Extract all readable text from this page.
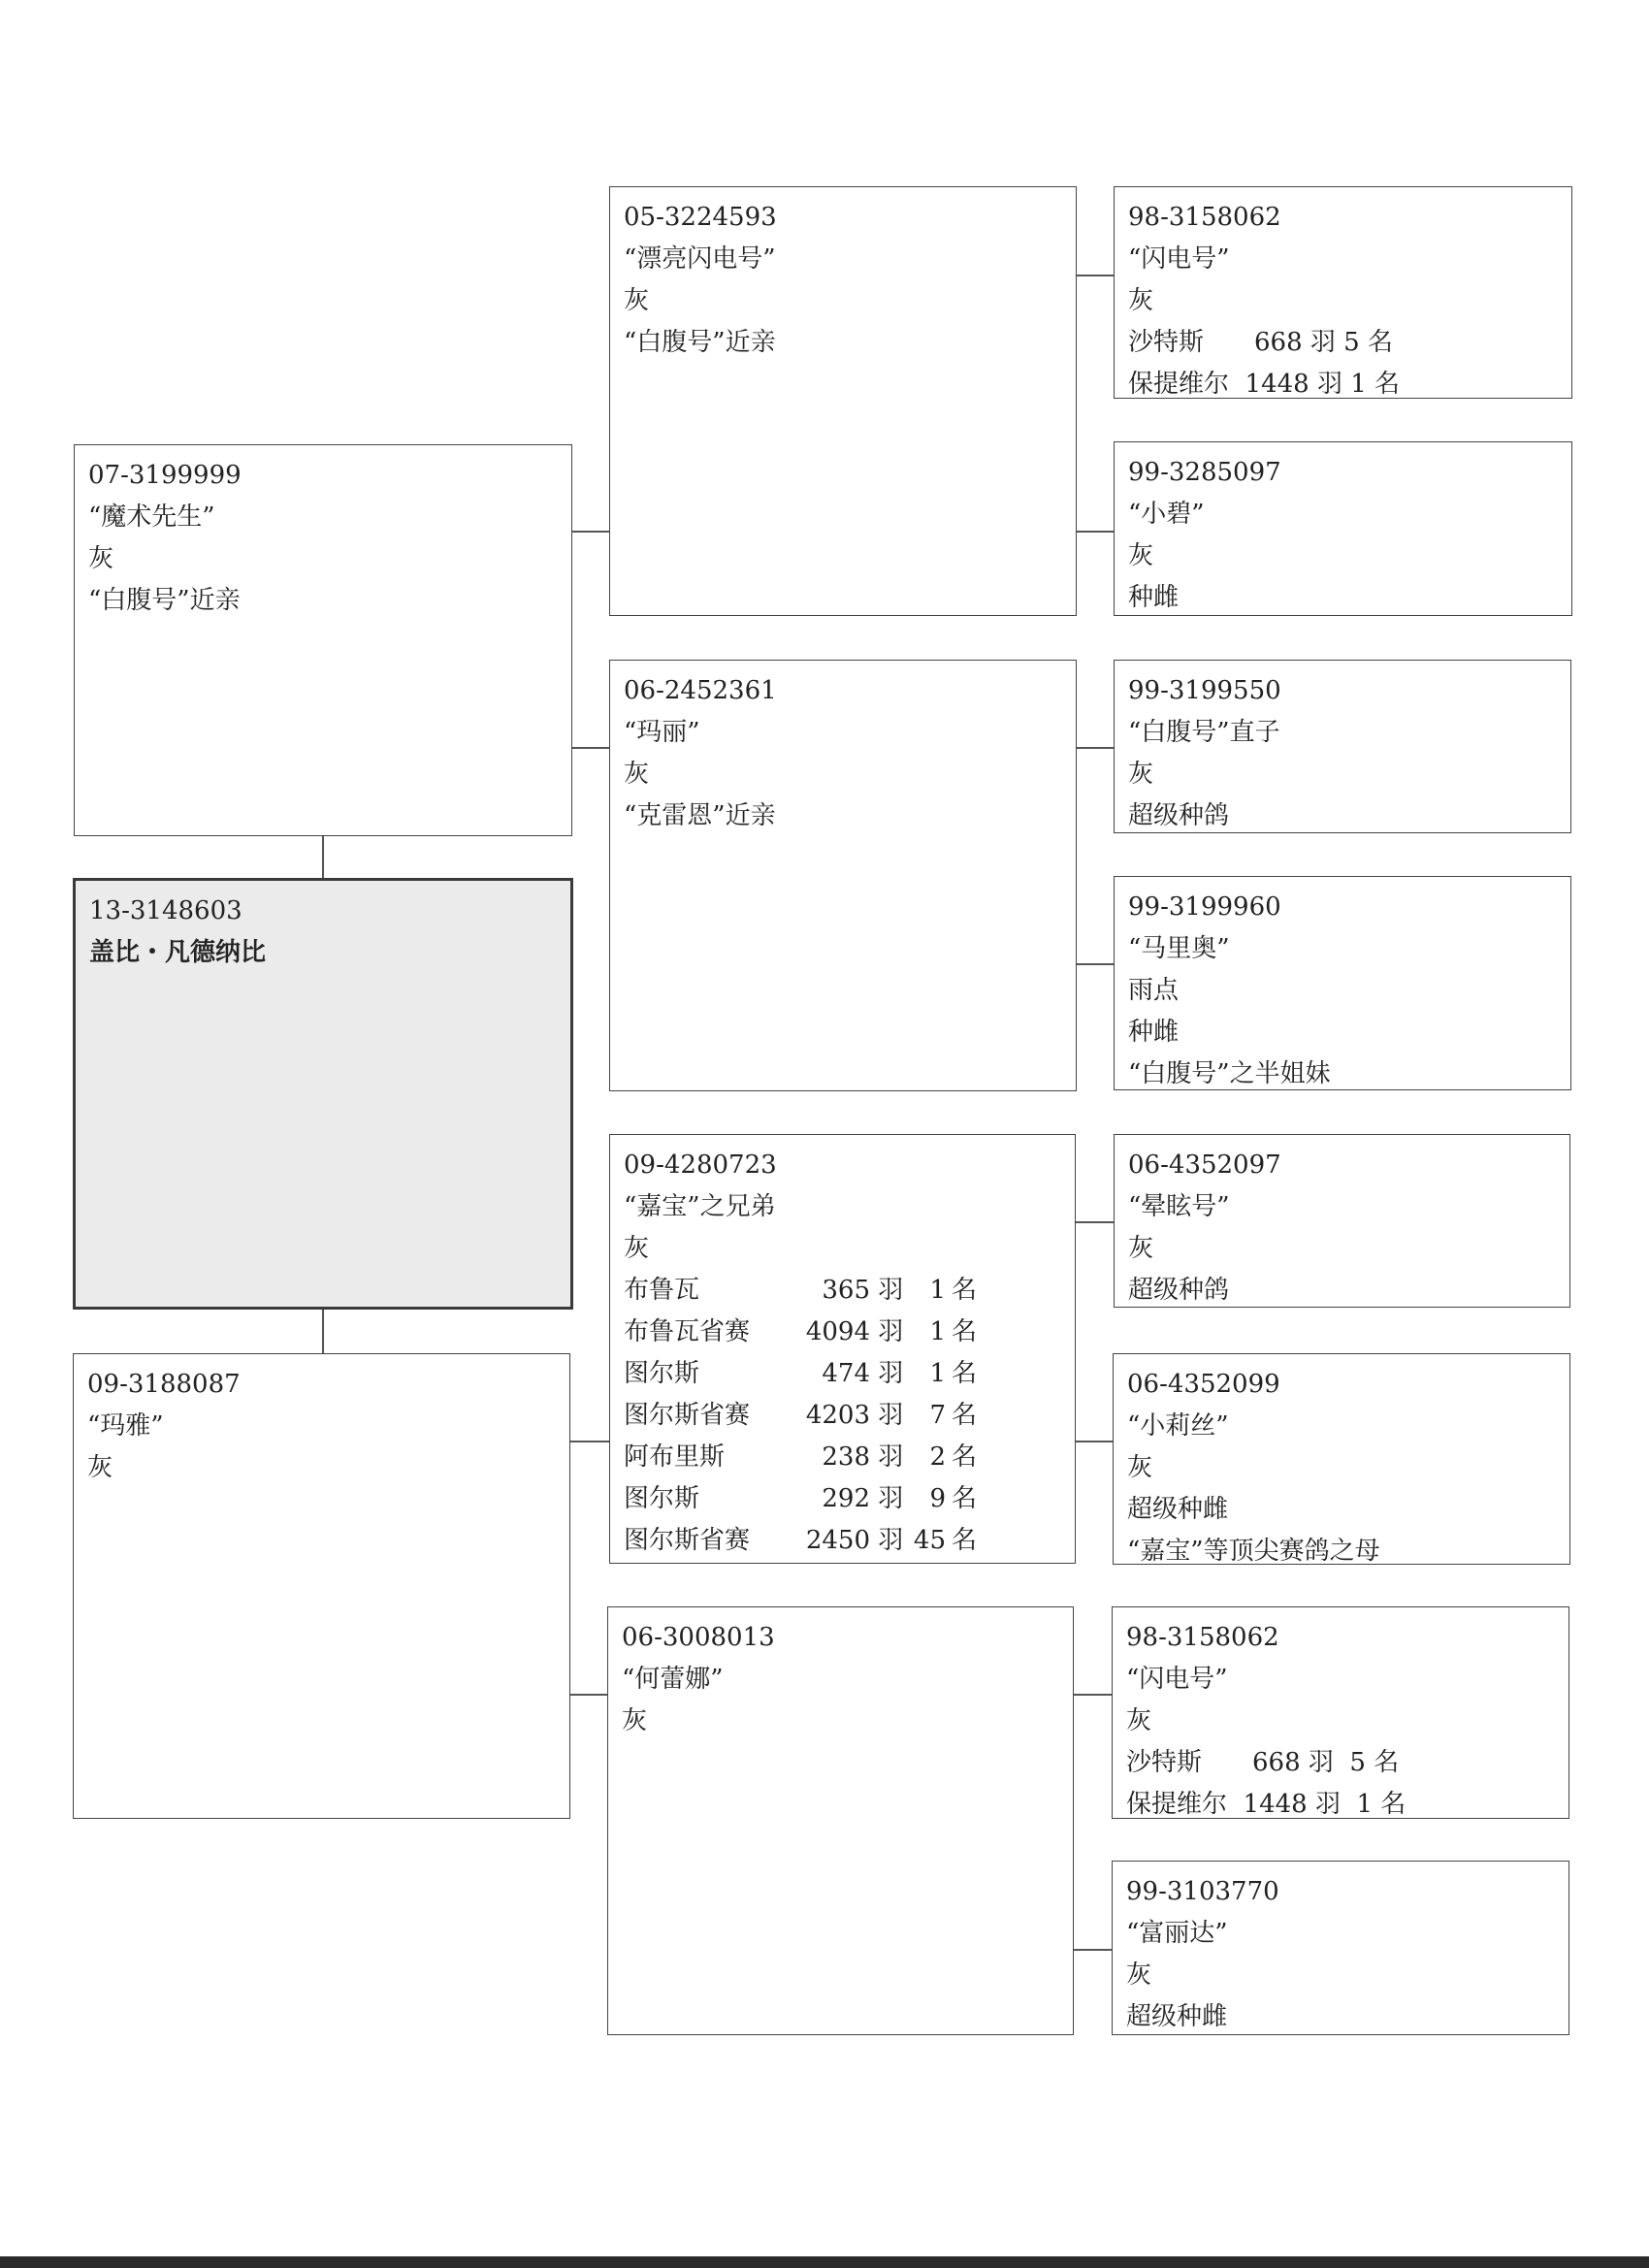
07-3199999
“魔术先生”
灰
“白腹号”近亲
13-3148603
盖比・凡德纳比
09-3188087
“玛雅”
灰
05-3224593
“漂亮闪电号”
灰
“白腹号”近亲
06-2452361
“玛丽”
灰
“克雷恩”近亲
09-4280723
“嘉宝”之兄弟
灰
布鲁瓦	365 羽	1 名
布鲁瓦省赛	4094 羽	1 名
图尔斯	474 羽	1 名
图尔斯省赛	4203 羽	7 名
阿布里斯	238 羽	2 名
图尔斯	292 羽	9 名
图尔斯省赛	2450 羽 45 名
06-3008013
“何蕾娜”
灰
98-3158062
“闪电号”
灰
沙特斯　　668 羽 5 名
保提维尔  1448 羽 1 名
99-3285097
“小碧”
灰
种雌
99-3199550
“白腹号”直子
灰
超级种鸽
99-3199960
“马里奥”
雨点
种雌
“白腹号”之半姐妹
06-4352097
“晕眩号”
灰
超级种鸽
06-4352099
“小莉丝”
灰
超级种雌
“嘉宝”等顶尖赛鸽之母
98-3158062
“闪电号”
灰
沙特斯　　668 羽  5 名
保提维尔  1448 羽  1 名
99-3103770
“富丽达”
灰
超级种雌
